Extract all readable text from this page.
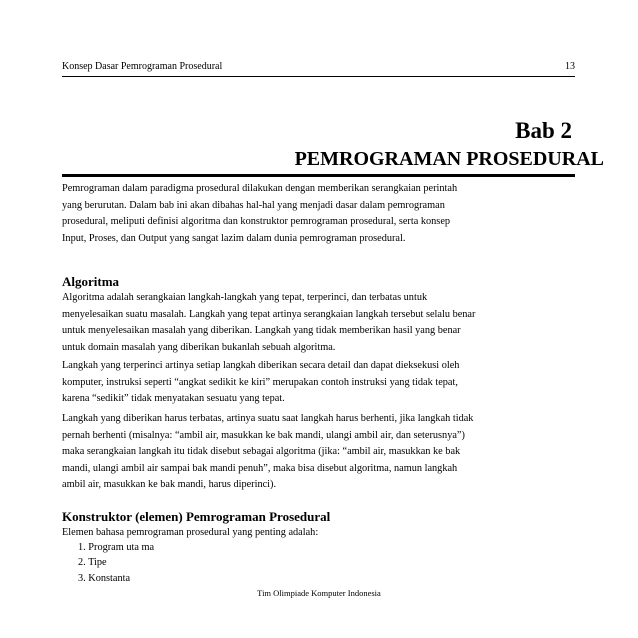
Konsep Dasar Pemrograman Prosedural	13
Bab 2
PEMROGRAMAN PROSEDURAL

Pemrograman dalam paradigma prosedural dilakukan dengan memberikan serangkaian perintah

yang berurutan. Dalam bab ini akan dibahas hal-hal yang menjadi dasar dalam pemrograman

prosedural, meliputi definisi algoritma dan konstruktor pemrograman prosedural, serta konsep

Input, Proses, dan Output yang sangat lazim dalam dunia pemrograman prosedural.

Algoritma

Algoritma adalah serangkaian langkah-langkah yang tepat, terperinci, dan terbatas untuk

menyelesaikan suatu masalah. Langkah yang tepat artinya serangkaian langkah tersebut selalu benar

untuk menyelesaikan masalah yang diberikan. Langkah yang tidak memberikan hasil yang benar

untuk domain masalah yang diberikan bukanlah sebuah algoritma.

Langkah yang terperinci artinya setiap langkah diberikan secara detail dan dapat dieksekusi oleh

komputer, instruksi seperti “angkat sedikit ke kiri” merupakan contoh instruksi yang tidak tepat,

karena “sedikit” tidak menyatakan sesuatu yang tepat.

Langkah yang diberikan harus terbatas, artinya suatu saat langkah harus berhenti, jika langkah tidak

pernah berhenti (misalnya: “ambil air, masukkan ke bak mandi, ulangi ambil air, dan seterusnya”)

maka serangkaian langkah itu tidak disebut sebagai algoritma (jika: “ambil air, masukkan ke bak

mandi, ulangi ambil air sampai bak mandi penuh”, maka bisa disebut algoritma, namun langkah

ambil air, masukkan ke bak mandi, harus diperinci).

Konstruktor (elemen) Pemrograman Prosedural

Elemen bahasa pemrograman prosedural yang penting adalah:

1. Program uta ma
2. Tipe
3. Konstanta
Tim Olimpiade Komputer Indonesia
